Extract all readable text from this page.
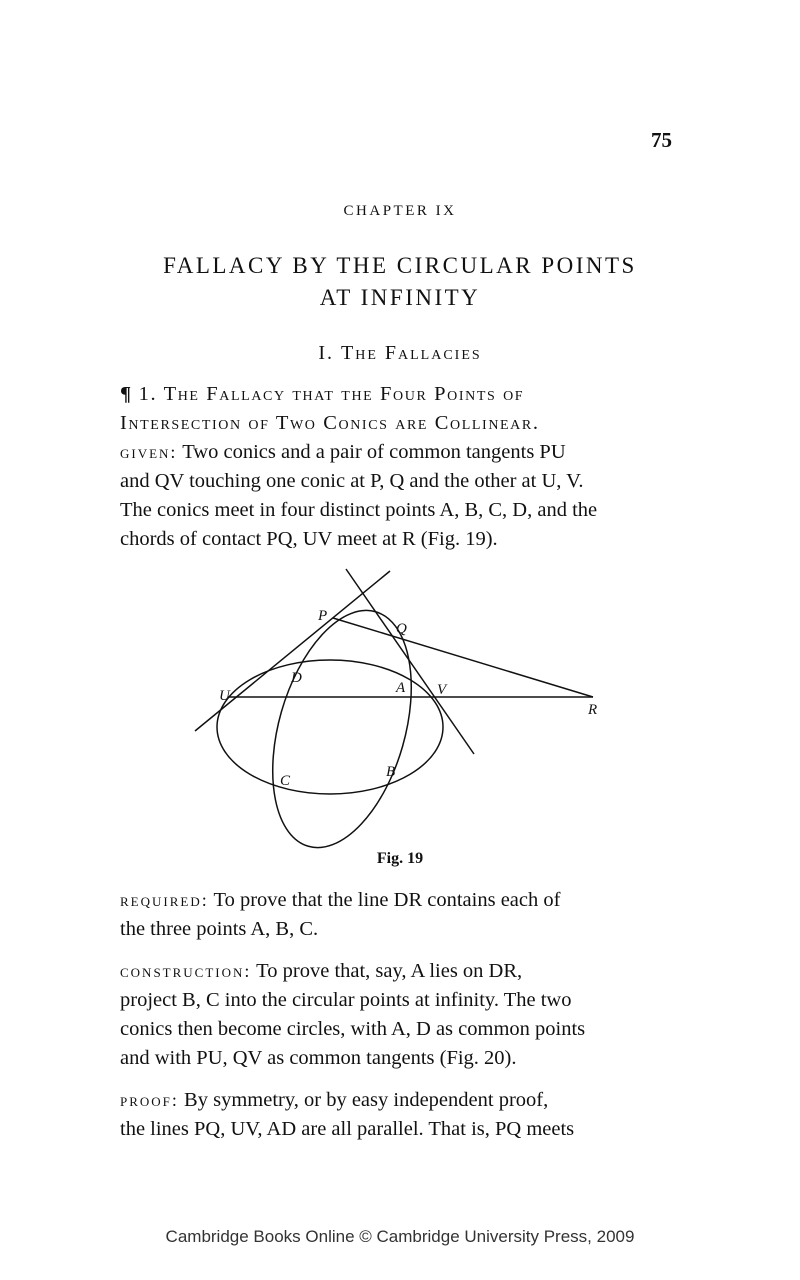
75
CHAPTER IX
FALLACY BY THE CIRCULAR POINTS
AT INFINITY
I. The Fallacies

¶ 1. The Fallacy that the Four Points of

Intersection of Two Conics are Collinear.

given: Two conics and a pair of common tangents PU

and QV touching one conic at P, Q and the other at U, V.

The conics meet in four distinct points A, B, C, D, and the

chords of contact PQ, UV meet at R (Fig. 19).

P
Q
D
U	A V
R
C
B
Fig. 19

required: To prove that the line DR contains each of

the three points A, B, C.

construction: To prove that, say, A lies on DR,

project B, C into the circular points at infinity. The two

conics then become circles, with A, D as common points

and with PU, QV as common tangents (Fig. 20).

proof: By symmetry, or by easy independent proof,

the lines PQ, UV, AD are all parallel. That is, PQ meets

Cambridge Books Online © Cambridge University Press, 2009
